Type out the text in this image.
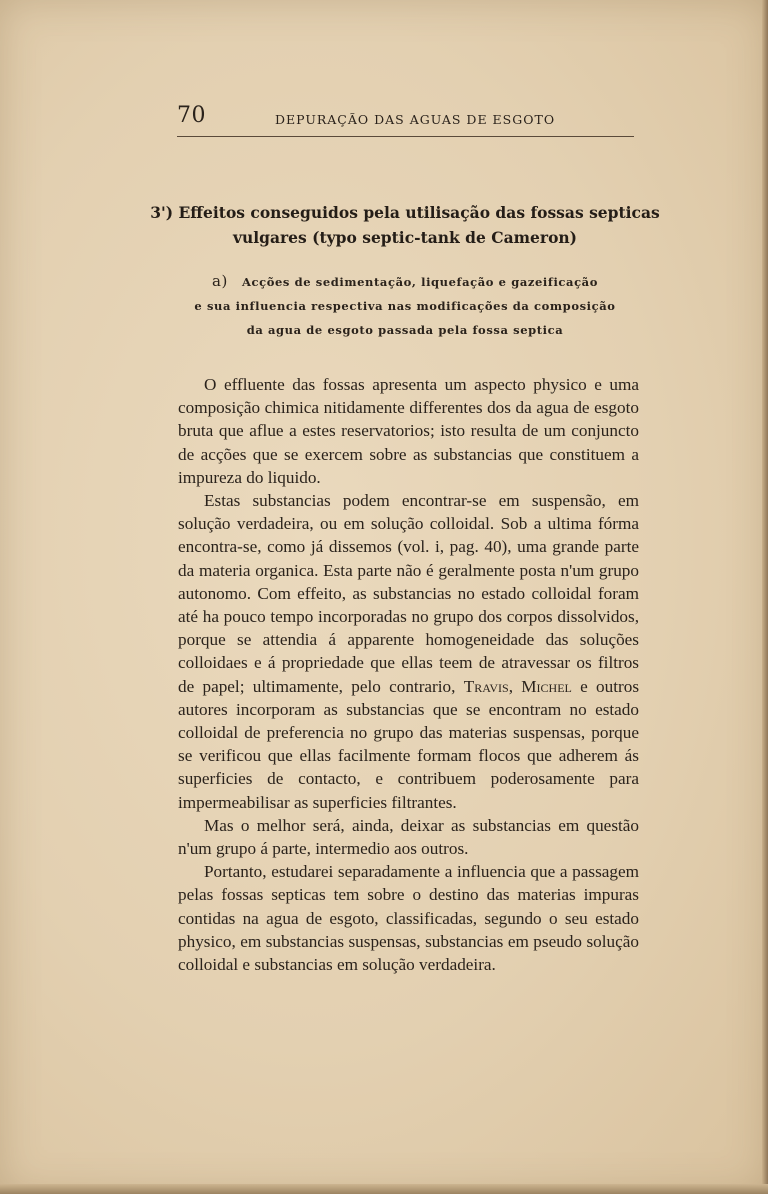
70	DEPURAÇÃO DAS AGUAS DE ESGOTO
3') Effeitos conseguidos pela utilisação das fossas septicas
vulgares (typo septic-tank de Cameron)
a) Acções de sedimentação, liquefação e gazeificação
e sua influencia respectiva nas modificações da composição
da agua de esgoto passada pela fossa septica

O effluente das fossas apresenta um aspecto physico e uma composição chimica nitidamente differentes dos da agua de esgoto bruta que aflue a estes reservatorios; isto resulta de um conjuncto de acções que se exercem sobre as substancias que constituem a impureza do liquido.

Estas substancias podem encontrar-se em suspensão, em solução verdadeira, ou em solução colloidal. Sob a ultima fórma encontra-se, como já dissemos (vol. i, pag. 40), uma grande parte da materia organica. Esta parte não é geralmente posta n'um grupo autonomo. Com effeito, as substancias no estado colloidal foram até ha pouco tempo incorporadas no grupo dos corpos dissolvidos, porque se attendia á apparente homogeneidade das soluções colloidaes e á propriedade que ellas teem de atravessar os filtros de papel; ultimamente, pelo contrario, Travis, Michel e outros autores incorporam as substancias que se encontram no estado colloidal de preferencia no grupo das materias suspensas, porque se verificou que ellas facilmente formam flocos que adherem ás superficies de contacto, e contribuem poderosamente para impermeabilisar as superficies filtrantes.

Mas o melhor será, ainda, deixar as substancias em questão n'um grupo á parte, intermedio aos outros.

Portanto, estudarei separadamente a influencia que a passagem pelas fossas septicas tem sobre o destino das materias impuras contidas na agua de esgoto, classificadas, segundo o seu estado physico, em substancias suspensas, substancias em pseudo solução colloidal e substancias em solução verdadeira.
